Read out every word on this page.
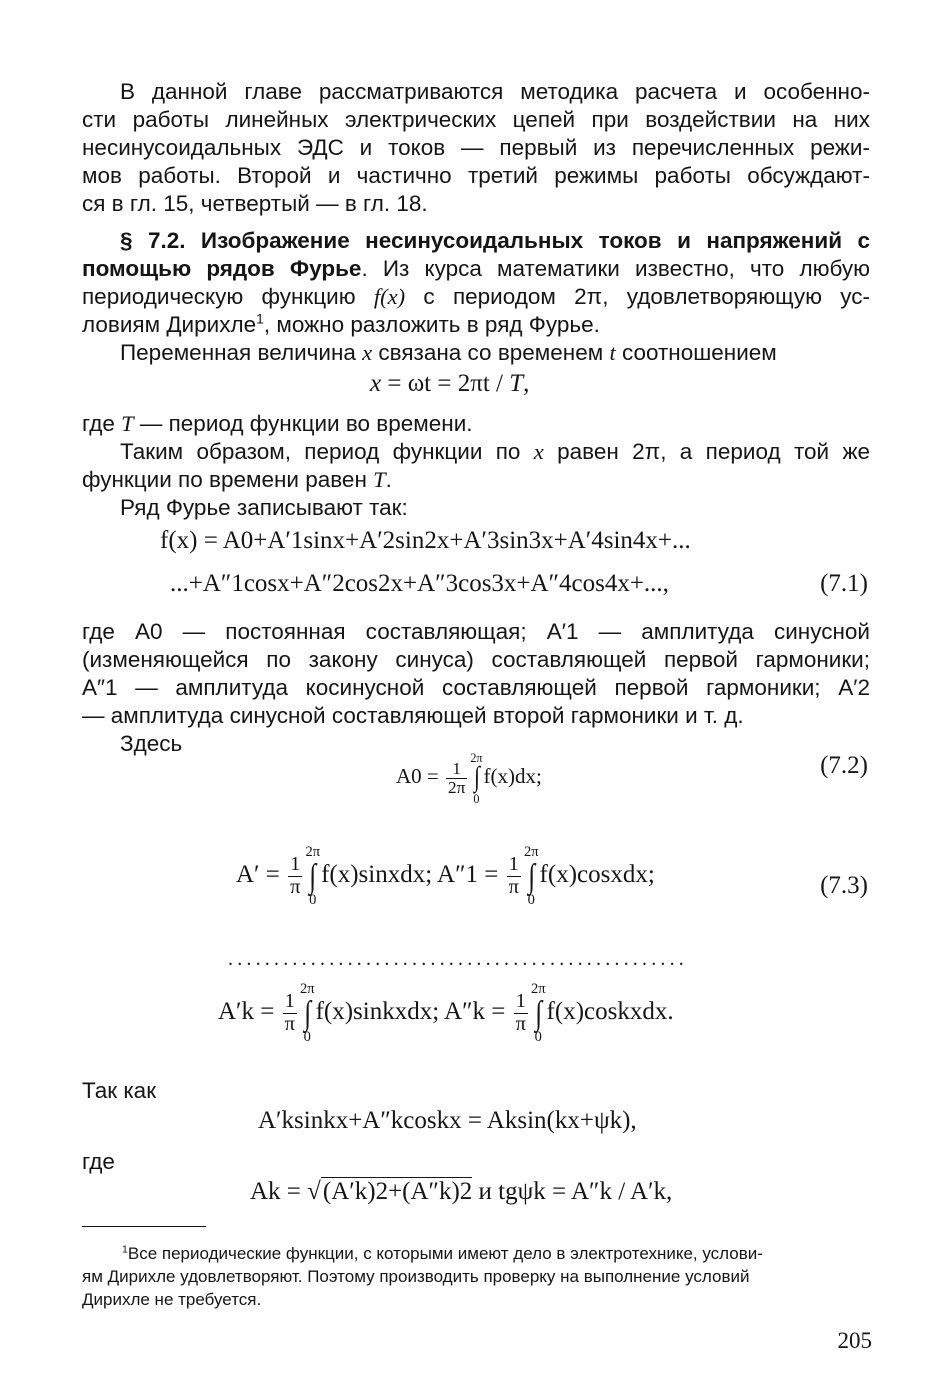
В данной главе рассматриваются методика расчета и особенно-

сти работы линейных электрических цепей при воздействии на них

несинусоидальных ЭДС и токов — первый из перечисленных режи-

мов работы. Второй и частично третий режимы работы обсуждают-

ся в гл. 15, четвертый — в гл. 18.

§ 7.2. Изображение несинусоидальных токов и напряжений с

помощью рядов Фурье. Из курса математики известно, что любую

периодическую функцию f(x) с периодом 2π, удовлетворяющую ус-

ловиям Дирихле$^1$, можно разложить в ряд Фурье.

Переменная величина x связана со временем t соотношением

x = ωt = 2πt / T,

где T — период функции во времени.

Таким образом, период функции по x равен 2π, а период той же

функции по времени равен T.

Ряд Фурье записывают так:

f(x) = A0+A′1sinx+A′2sin2x+A′3sin3x+A′4sin4x+...
...+A″1cosx+A″2cos2x+A″3cos3x+A″4cos4x+...,	(7.1)

где A0 — постоянная составляющая; A′1 — амплитуда синусной

(изменяющейся по закону синуса) составляющей первой гармоники;

A″1 — амплитуда косинусной составляющей первой гармоники; A′2

— амплитуда синусной составляющей второй гармоники и т. д.

Здесь

$A0 = \frac{1}{2\pi}$
2π
∫
0
f(x)dx;	(7.2)
$A' = \frac{1}{\pi}$
2π
∫
0
f(x)sinxdx; $A''1 = \frac{1}{\pi}$
2π
∫
0
f(x)cosxdx;	(7.3)
..................................................
$A'k = \frac{1}{\pi}$
2π
∫
0
f(x)sinkxdx; $A''k = \frac{1}{\pi}$
2π
∫
0
f(x)coskxdx.

Так как

A′ksinkx+A″kcoskx = Aksin(kx+ψk),

где

Ak = √(A′k)2+(A″k)2 и tgψk = A″k / A′k,

$^1$Все периодические функции, с которыми имеют дело в электротехнике, услови-

ям Дирихле удовлетворяют. Поэтому производить проверку на выполнение условий

Дирихле не требуется.

205
